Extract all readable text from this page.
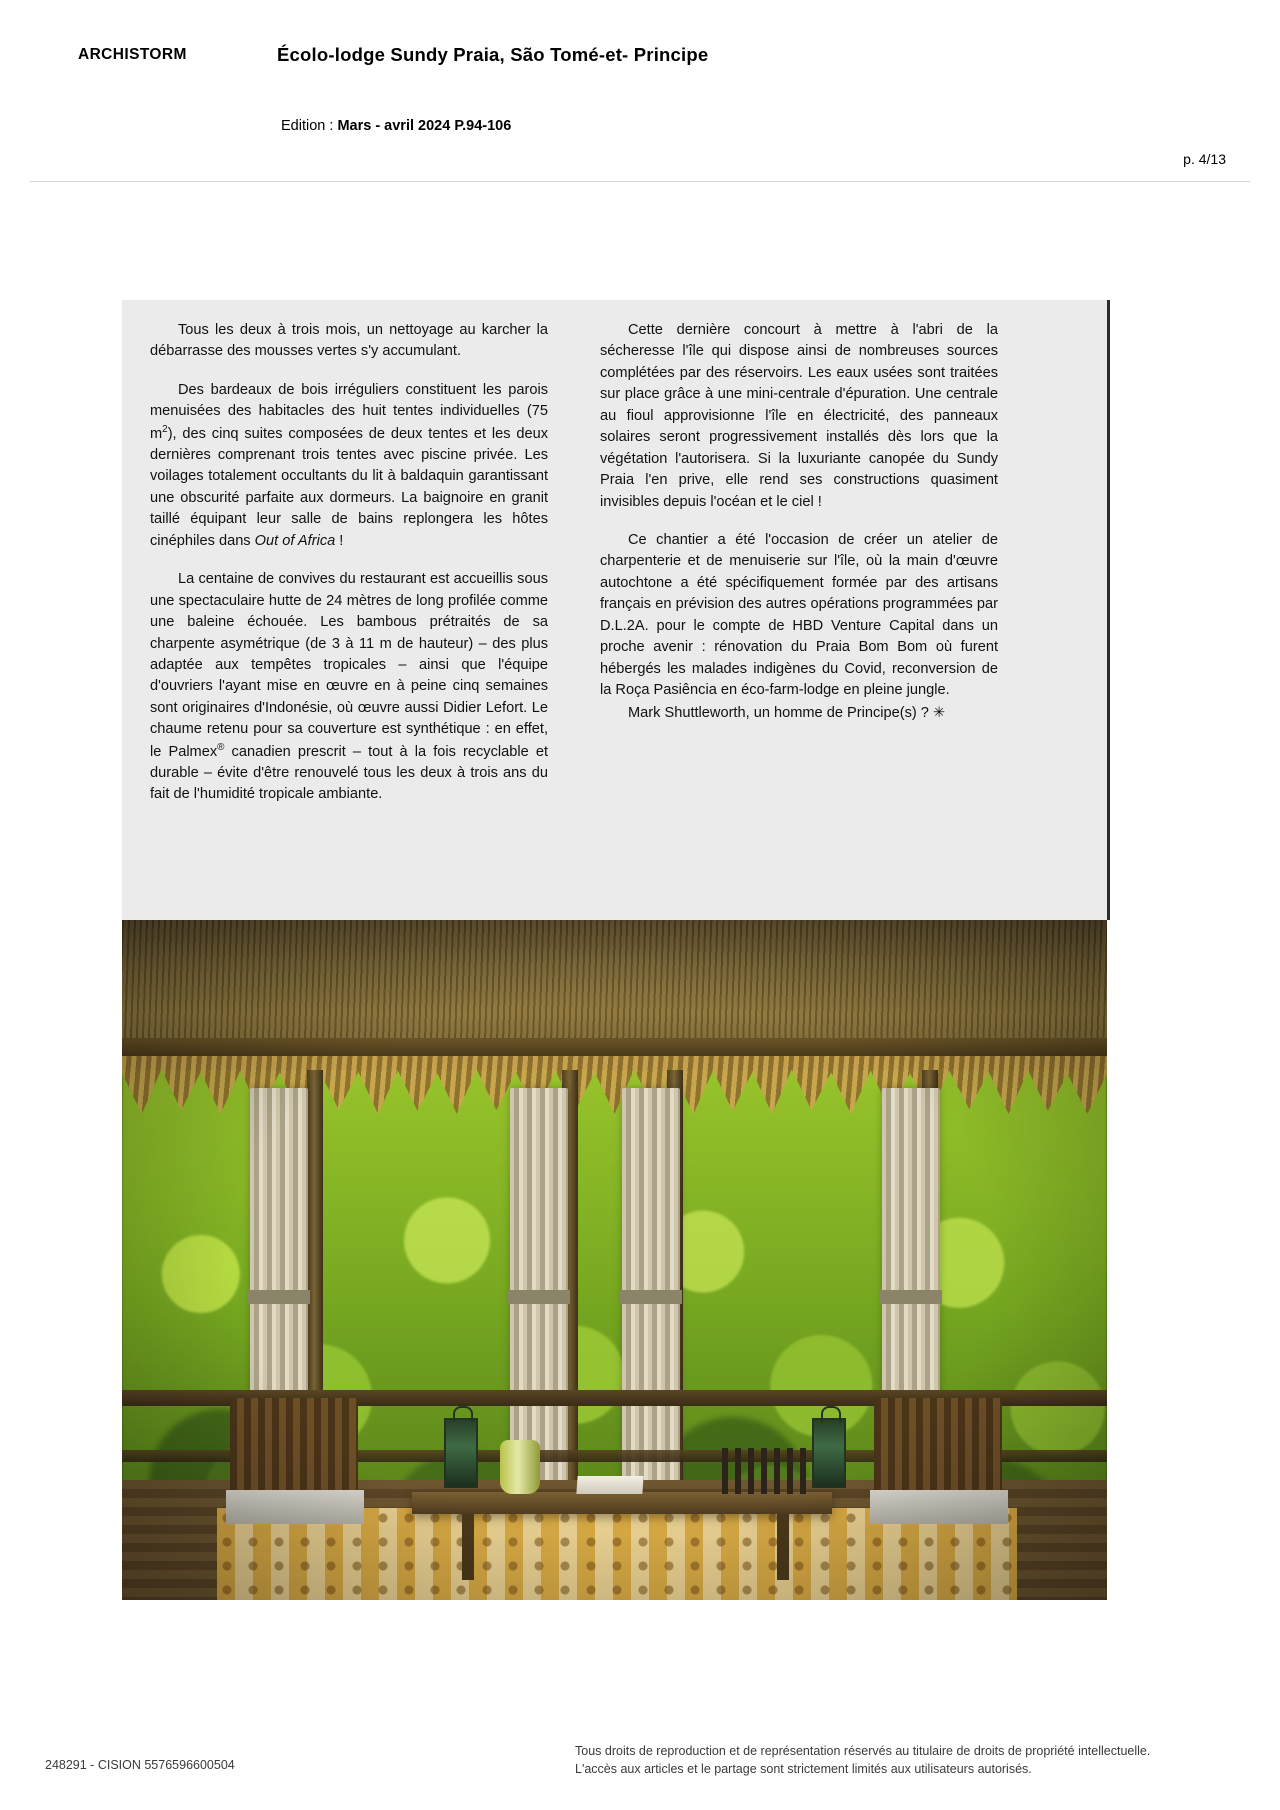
ARCHISTORM	Écolo-lodge Sundy Praia, São Tomé-et- Principe
Edition : Mars - avril 2024 P.94-106
p. 4/13

Tous les deux à trois mois, un nettoyage au karcher la débarrasse des mousses vertes s'y accumulant.

Des bardeaux de bois irréguliers constituent les parois menuisées des habitacles des huit tentes individuelles (75 $m^2$), des cinq suites composées de deux tentes et les deux dernières comprenant trois tentes avec piscine privée. Les voilages totalement occultants du lit à baldaquin garantissant une obscurité parfaite aux dormeurs. La baignoire en granit taillé équipant leur salle de bains replongera les hôtes cinéphiles dans Out of Africa !

La centaine de convives du restaurant est accueillis sous une spectaculaire hutte de 24 mètres de long profilée comme une baleine échouée. Les bambous prétraités de sa charpente asymétrique (de 3 à 11 m de hauteur) – des plus adaptée aux tempêtes tropicales – ainsi que l'équipe d'ouvriers l'ayant mise en œuvre en à peine cinq semaines sont originaires d'Indonésie, où œuvre aussi Didier Lefort. Le chaume retenu pour sa couverture est synthétique : en effet, le Palmex® canadien prescrit – tout à la fois recyclable et durable – évite d'être renouvelé tous les deux à trois ans du fait de l'humidité tropicale ambiante.

Cette dernière concourt à mettre à l'abri de la sécheresse l'île qui dispose ainsi de nombreuses sources complétées par des réservoirs. Les eaux usées sont traitées sur place grâce à une mini-centrale d'épuration. Une centrale au fioul approvisionne l'île en électricité, des panneaux solaires seront progressivement installés dès lors que la végétation l'autorisera. Si la luxuriante canopée du Sundy Praia l'en prive, elle rend ses constructions quasiment invisibles depuis l'océan et le ciel !

Ce chantier a été l'occasion de créer un atelier de charpenterie et de menuiserie sur l'île, où la main d'œuvre autochtone a été spécifiquement formée par des artisans français en prévision des autres opérations programmées par D.L.2A. pour le compte de HBD Venture Capital dans un proche avenir : rénovation du Praia Bom Bom où furent hébergés les malades indigènes du Covid, reconversion de la Roça Pasiência en éco-farm-lodge en pleine jungle.

Mark Shuttleworth, un homme de Principe(s) ? ✳

248291 - CISION 5576596600504
Tous droits de reproduction et de représentation réservés au titulaire de droits de propriété intellectuelle.
L'accès aux articles et le partage sont strictement limités aux utilisateurs autorisés.
